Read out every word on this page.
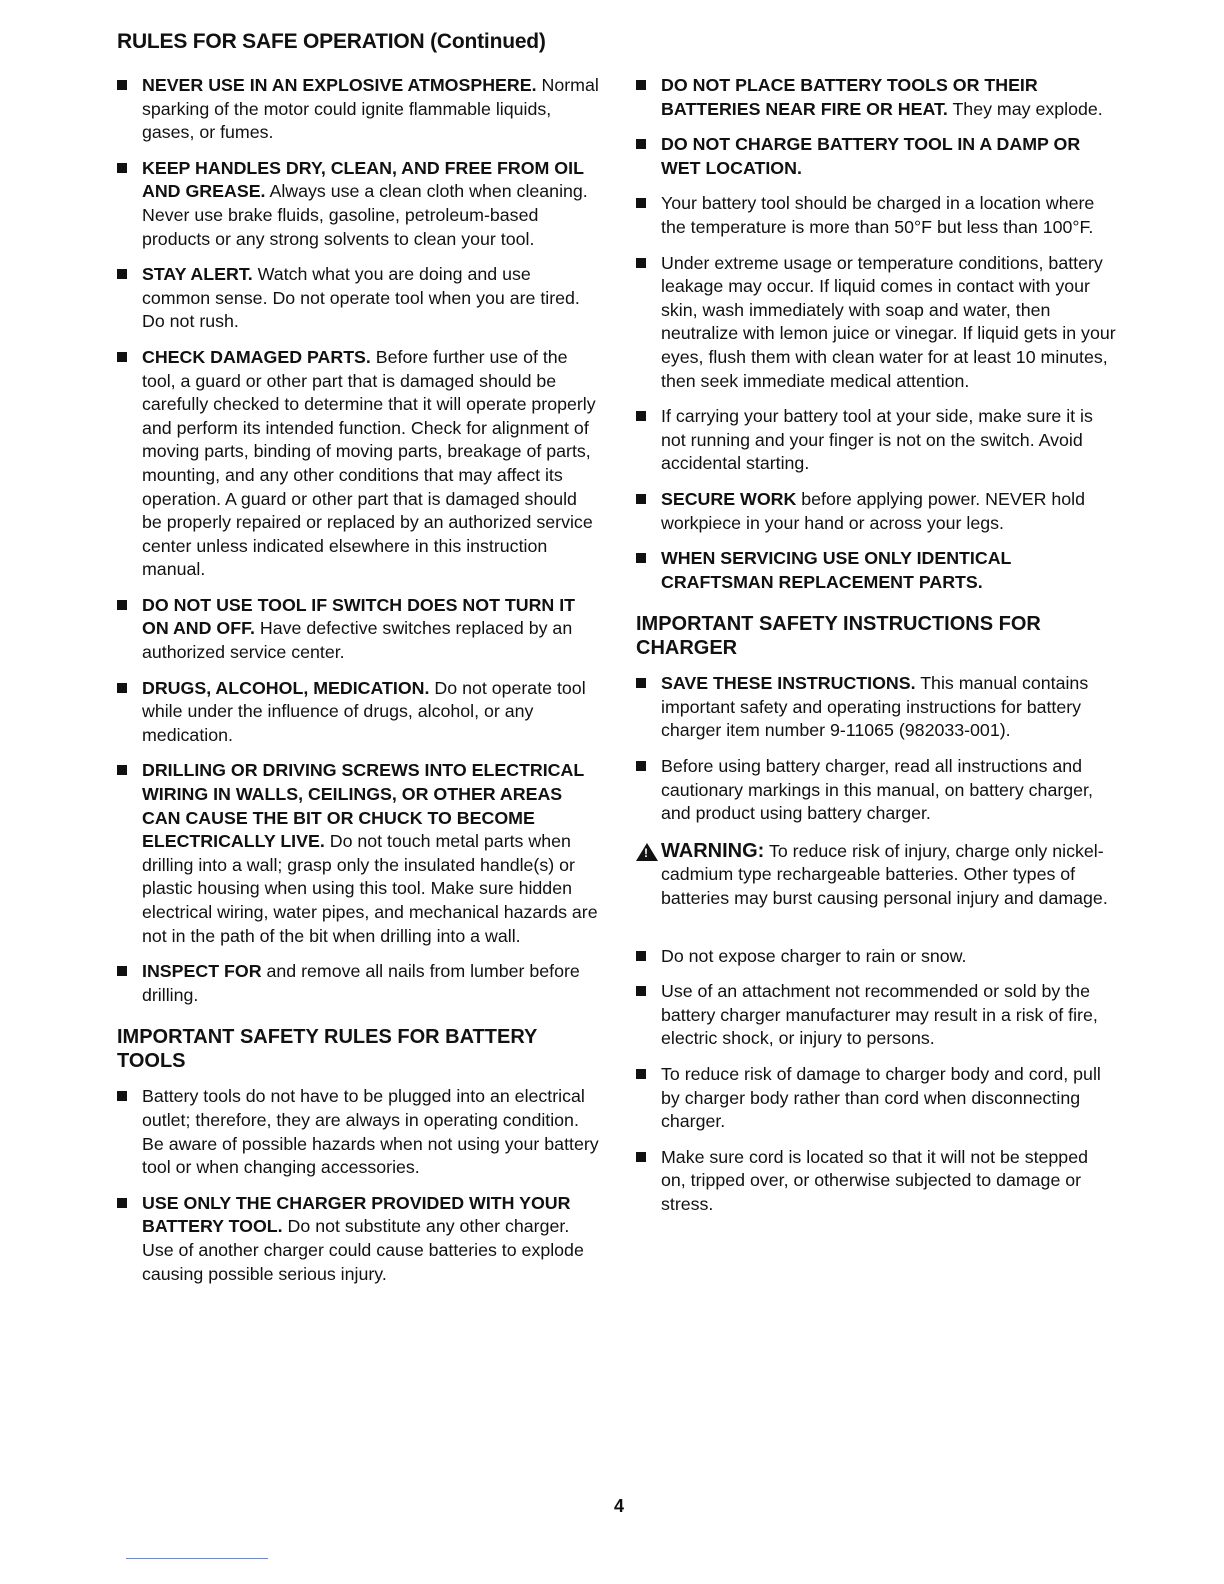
RULES FOR SAFE OPERATION (Continued)
NEVER USE IN AN EXPLOSIVE ATMOSPHERE. Normal sparking of the motor could ignite flammable liquids, gases, or fumes.
KEEP HANDLES DRY, CLEAN, AND FREE FROM OIL AND GREASE. Always use a clean cloth when cleaning. Never use brake fluids, gasoline, petroleum-based products or any strong solvents to clean your tool.
STAY ALERT. Watch what you are doing and use common sense. Do not operate tool when you are tired. Do not rush.
CHECK DAMAGED PARTS. Before further use of the tool, a guard or other part that is damaged should be carefully checked to determine that it will operate properly and perform its intended function. Check for alignment of moving parts, binding of moving parts, breakage of parts, mounting, and any other conditions that may affect its operation. A guard or other part that is damaged should be properly repaired or replaced by an authorized service center unless indicated elsewhere in this instruction manual.
DO NOT USE TOOL IF SWITCH DOES NOT TURN IT ON AND OFF. Have defective switches replaced by an authorized service center.
DRUGS, ALCOHOL, MEDICATION. Do not operate tool while under the influence of drugs, alcohol, or any medication.
DRILLING OR DRIVING SCREWS INTO ELECTRICAL WIRING IN WALLS, CEILINGS, OR OTHER AREAS CAN CAUSE THE BIT OR CHUCK TO BECOME ELECTRICALLY LIVE. Do not touch metal parts when drilling into a wall; grasp only the insulated handle(s) or plastic housing when using this tool. Make sure hidden electrical wiring, water pipes, and mechanical hazards are not in the path of the bit when drilling into a wall.
INSPECT FOR and remove all nails from lumber before drilling.
IMPORTANT SAFETY RULES FOR BATTERY TOOLS
Battery tools do not have to be plugged into an electrical outlet; therefore, they are always in operating condition. Be aware of possible hazards when not using your battery tool or when changing accessories.
USE ONLY THE CHARGER PROVIDED WITH YOUR BATTERY TOOL. Do not substitute any other charger. Use of another charger could cause batteries to explode causing possible serious injury.
DO NOT PLACE BATTERY TOOLS OR THEIR BATTERIES NEAR FIRE OR HEAT. They may explode.
DO NOT CHARGE BATTERY TOOL IN A DAMP OR WET LOCATION.
Your battery tool should be charged in a location where the temperature is more than 50°F but less than 100°F.
Under extreme usage or temperature conditions, battery leakage may occur. If liquid comes in contact with your skin, wash immediately with soap and water, then neutralize with lemon juice or vinegar. If liquid gets in your eyes, flush them with clean water for at least 10 minutes, then seek immediate medical attention.
If carrying your battery tool at your side, make sure it is not running and your finger is not on the switch. Avoid accidental starting.
SECURE WORK before applying power. NEVER hold workpiece in your hand or across your legs.
WHEN SERVICING USE ONLY IDENTICAL CRAFTSMAN REPLACEMENT PARTS.
IMPORTANT SAFETY INSTRUCTIONS FOR CHARGER
SAVE THESE INSTRUCTIONS. This manual contains important safety and operating instructions for battery charger item number 9-11065 (982033-001).
Before using battery charger, read all instructions and cautionary markings in this manual, on battery charger, and product using battery charger.
!
WARNING: To reduce risk of injury, charge only nickel-cadmium type rechargeable batteries. Other types of batteries may burst causing personal injury and damage.
Do not expose charger to rain or snow.
Use of an attachment not recommended or sold by the battery charger manufacturer may result in a risk of fire, electric shock, or injury to persons.
To reduce risk of damage to charger body and cord, pull by charger body rather than cord when disconnecting charger.
Make sure cord is located so that it will not be stepped on, tripped over, or otherwise subjected to damage or stress.
4
